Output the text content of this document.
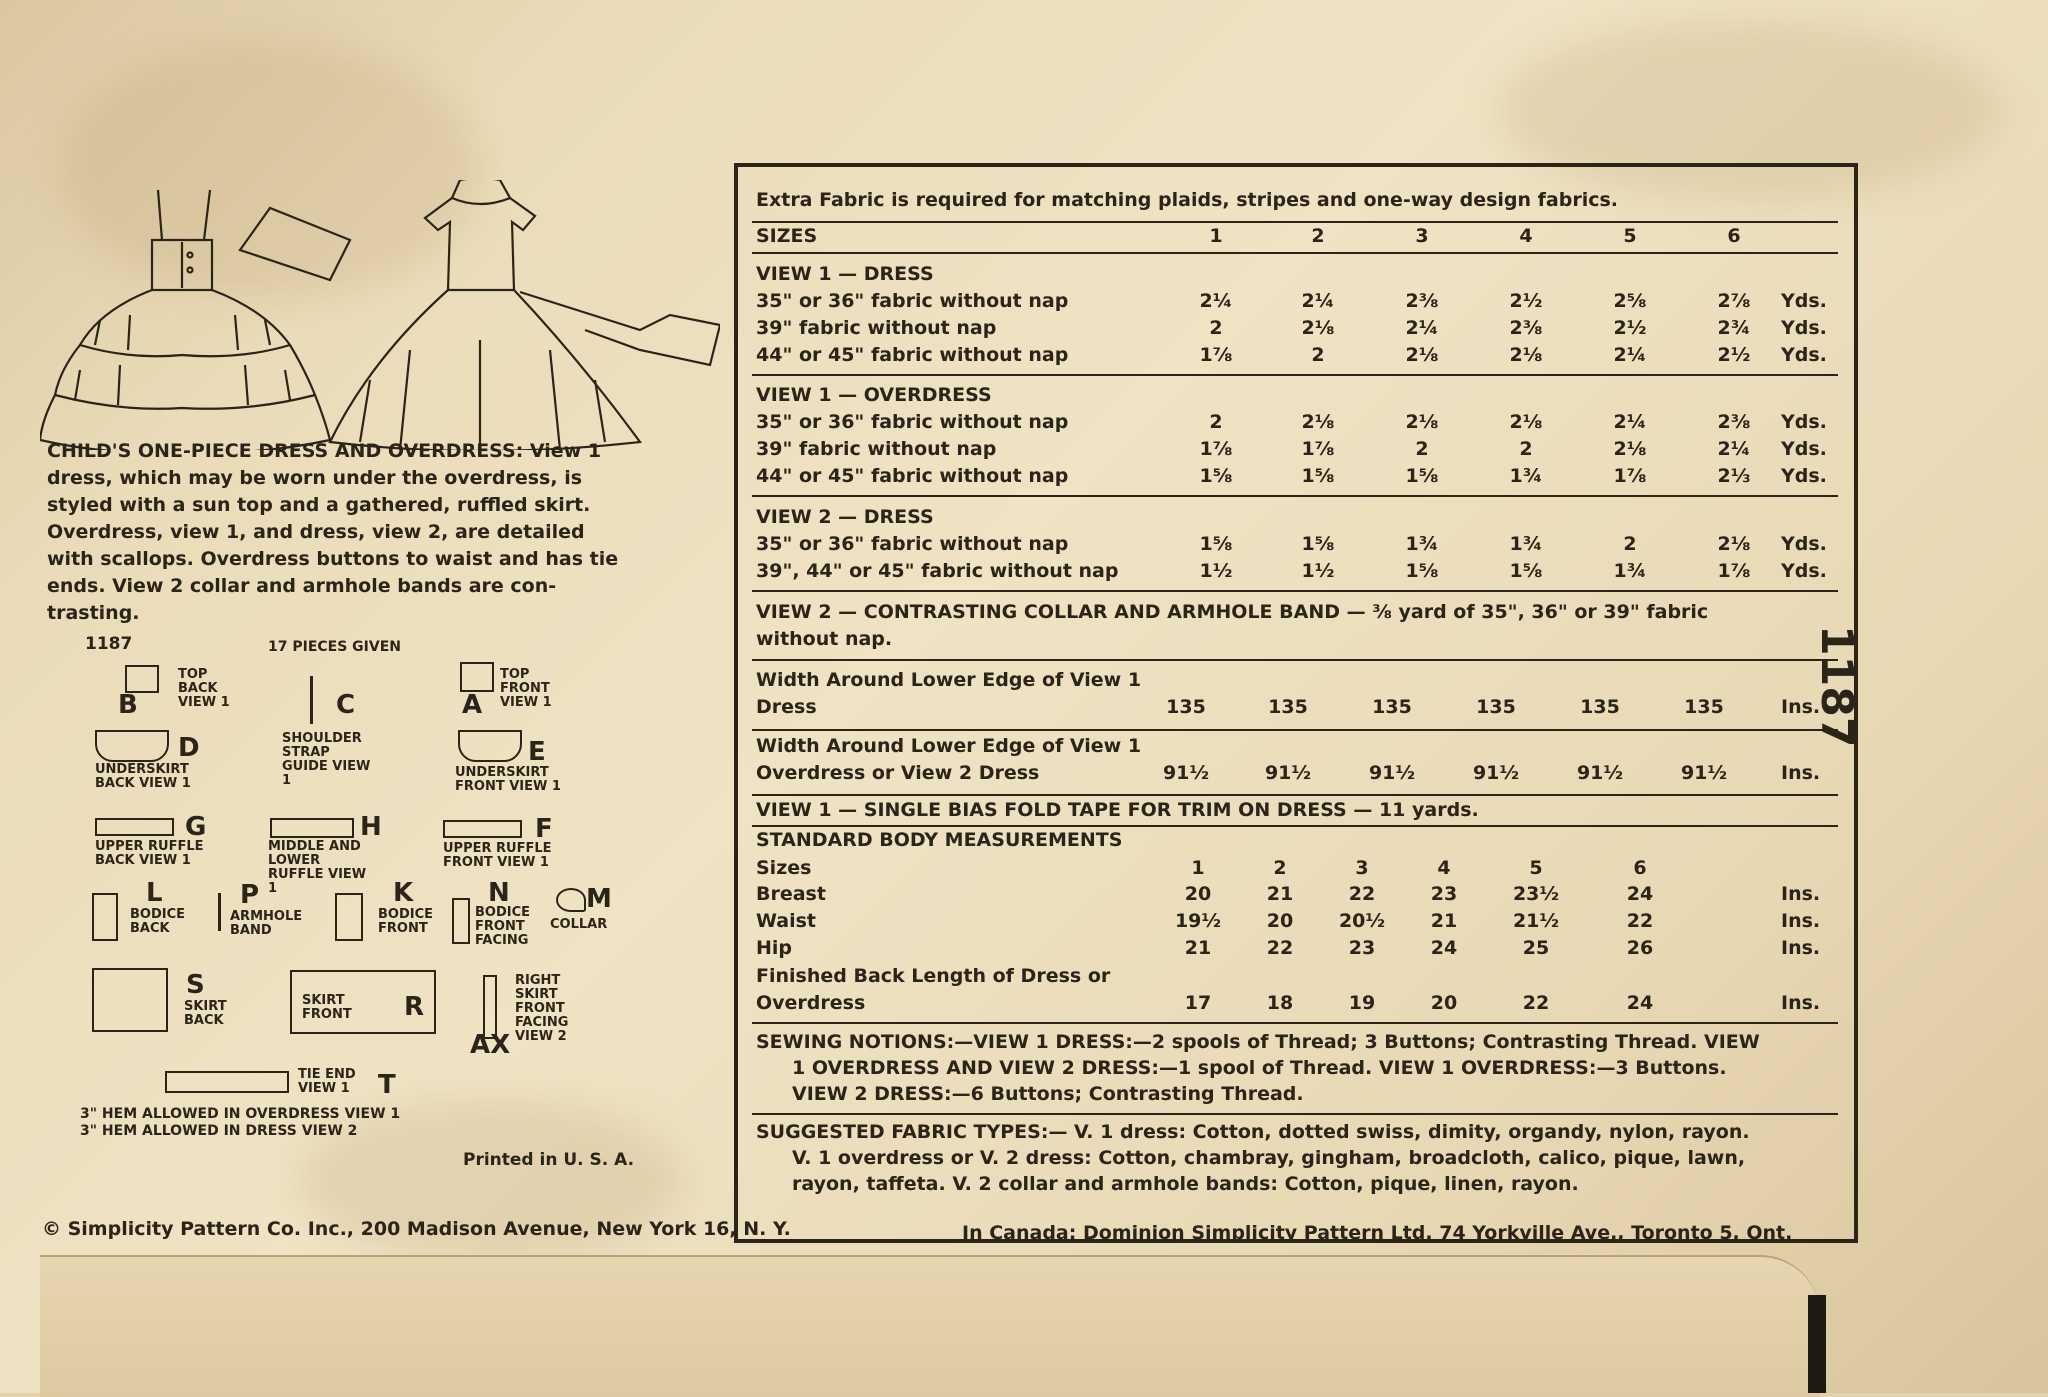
CHILD'S ONE-PIECE DRESS AND OVERDRESS: View 1
dress, which may be worn under the overdress, is
styled with a sun top and a gathered, ruffled skirt.
Overdress, view 1, and dress, view 2, are detailed
with scallops. Overdress buttons to waist and has tie
ends. View 2 collar and armhole bands are con-
trasting.
1187	17 PIECES GIVEN
B
TOP BACK VIEW 1	C
SHOULDER STRAP GUIDE VIEW 1
A
TOP FRONT VIEW 1
D
UNDERSKIRT BACK VIEW 1
E
UNDERSKIRT FRONT VIEW 1
G
UPPER RUFFLE BACK VIEW 1
H
MIDDLE AND LOWER RUFFLE VIEW 1
F
UPPER RUFFLE FRONT VIEW 1
L
BODICE BACK
P
ARMHOLE BAND
K
BODICE FRONT
N
BODICE FRONT FACING
M
COLLAR
S
SKIRT BACK	R
SKIRT FRONT
AX
RIGHT SKIRT FRONT FACING VIEW 2
T
TIE END VIEW 1
3" HEM ALLOWED IN OVERDRESS VIEW 1
3" HEM ALLOWED IN DRESS VIEW 2
Printed in U. S. A.
Extra Fabric is required for matching plaids, stripes and one-way design fabrics.
SIZES	1	2	3	4	5	6
VIEW 1 — DRESS
35" or 36" fabric without nap	2¼	2¼	2⅜	2½	2⅝	2⅞	Yds.
39" fabric without nap	2	2⅛	2¼	2⅜	2½	2¾	Yds.
44" or 45" fabric without nap	1⅞	2	2⅛	2⅛	2¼	2½	Yds.
VIEW 1 — OVERDRESS
35" or 36" fabric without nap	2	2⅛	2⅛	2⅛	2¼	2⅜	Yds.
39" fabric without nap	1⅞	1⅞	2	2	2⅛	2¼	Yds.
44" or 45" fabric without nap	1⅝	1⅝	1⅝	1¾	1⅞	2⅓	Yds.
VIEW 2 — DRESS
35" or 36" fabric without nap	1⅝	1⅝	1¾	1¾	2	2⅛	Yds.
39", 44" or 45" fabric without nap	1½	1½	1⅝	1⅝	1¾	1⅞	Yds.
VIEW 2 — CONTRASTING COLLAR AND ARMHOLE BAND — ⅜ yard of 35", 36" or 39" fabric
without nap.
Width Around Lower Edge of View 1
Dress	135	135	135	135	135	135	Ins.
Width Around Lower Edge of View 1
Overdress or View 2 Dress	91½	91½	91½	91½	91½	91½	Ins.
VIEW 1 — SINGLE BIAS FOLD TAPE FOR TRIM ON DRESS — 11 yards.
STANDARD BODY MEASUREMENTS
Sizes	1	2	3	4	5	6
Breast	20	21	22	23	23½	24	Ins.
Waist	19½	20	20½	21	21½	22	Ins.
Hip	21	22	23	24	25	26	Ins.
Finished Back Length of Dress or
Overdress	17	18	19	20	22	24	Ins.
SEWING NOTIONS:—VIEW 1 DRESS:—2 spools of Thread; 3 Buttons; Contrasting Thread. VIEW
1 OVERDRESS AND VIEW 2 DRESS:—1 spool of Thread. VIEW 1 OVERDRESS:—3 Buttons.
VIEW 2 DRESS:—6 Buttons; Contrasting Thread.
SUGGESTED FABRIC TYPES:— V. 1 dress: Cotton, dotted swiss, dimity, organdy, nylon, rayon.
V. 1 overdress or V. 2 dress: Cotton, chambray, gingham, broadcloth, calico, pique, lawn,
rayon, taffeta. V. 2 collar and armhole bands: Cotton, pique, linen, rayon.
1187
© Simplicity Pattern Co. Inc., 200 Madison Avenue, New York 16, N. Y.	In Canada: Dominion Simplicity Pattern Ltd. 74 Yorkville Ave., Toronto 5, Ont.
